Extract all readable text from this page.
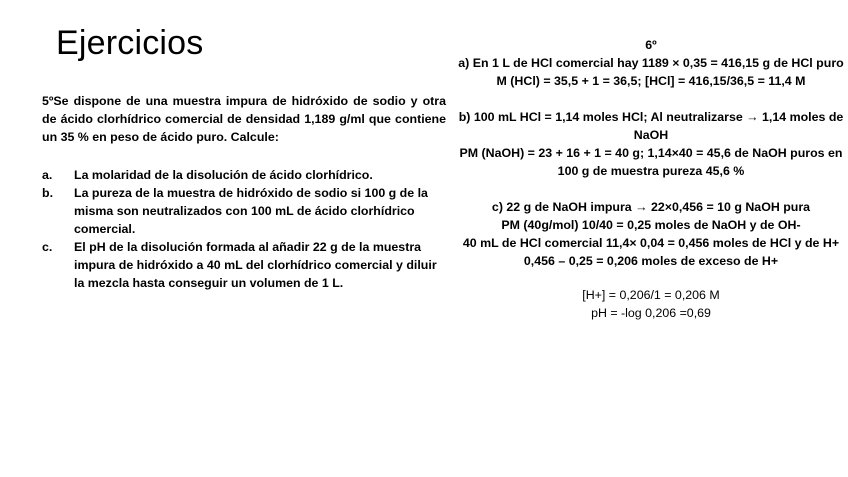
Ejercicios

5ºSe dispone de una muestra impura de hidróxido de sodio y otra de ácido clorhídrico comercial de densidad 1,189 g/ml que contiene un 35 % en peso de ácido puro. Calcule:

a.	La molaridad de la disolución de ácido clorhídrico.
b.	La pureza de la muestra de hidróxido de sodio si 100 g de la misma son neutralizados con 100 mL de ácido clorhídrico comercial.
c.	El pH de la disolución formada al añadir 22 g de la muestra impura de hidróxido a 40 mL del clorhídrico comercial y diluir la mezcla hasta conseguir un volumen de 1 L.

6º

a) En 1 L de HCl comercial hay 1189 × 0,35 = 416,15 g de HCl puro

M (HCl) = 35,5 + 1 = 36,5; [HCl] = 416,15/36,5 = 11,4 M

b) 100 mL HCl = 1,14 moles HCl; Al neutralizarse → 1,14 moles de NaOH

PM (NaOH) = 23 + 16 + 1 = 40 g; 1,14×40 = 45,6 de NaOH puros en 100 g de muestra pureza 45,6 %

c) 22 g de NaOH impura → 22×0,456 = 10 g NaOH pura

PM (40g/mol) 10/40 = 0,25 moles de NaOH y de OH-

40 mL de HCl comercial 11,4× 0,04 = 0,456 moles de HCl y de H+

0,456 – 0,25 = 0,206 moles de exceso de H+

[H+] = 0,206/1 = 0,206 M

pH = -log 0,206 =0,69
